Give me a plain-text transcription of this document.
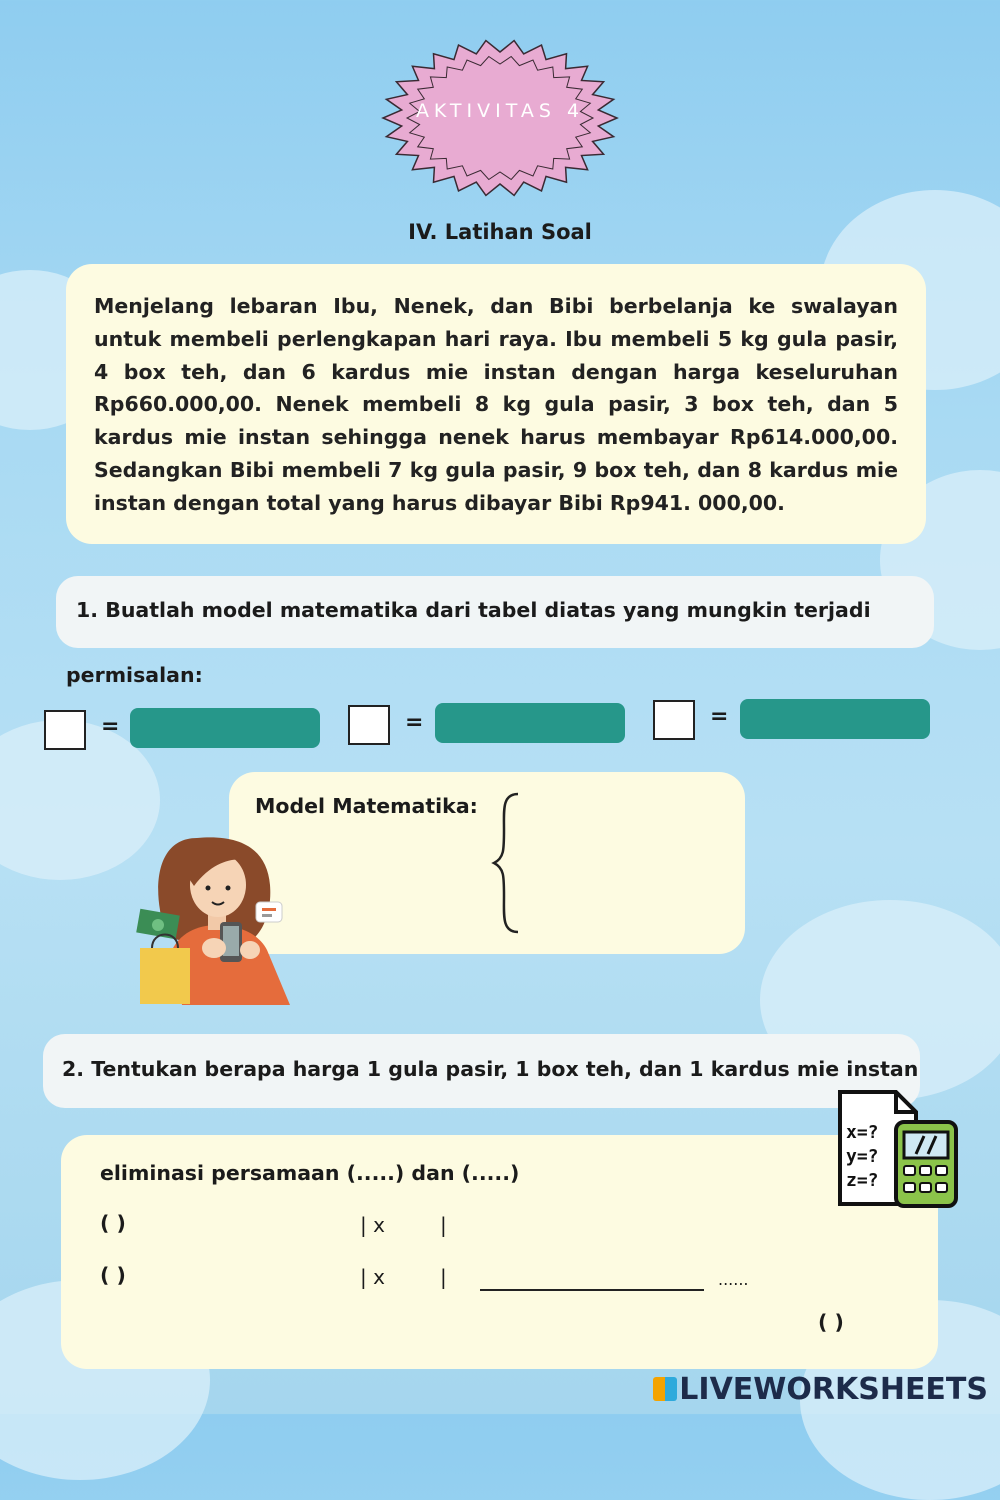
AKTIVITAS 4
IV. Latihan Soal

Menjelang lebaran Ibu, Nenek, dan Bibi berbelanja ke swalayan untuk membeli perlengkapan hari raya. Ibu membeli 5 kg gula pasir, 4 box teh, dan 6 kardus mie instan dengan harga keseluruhan Rp660.000,00. Nenek membeli 8 kg gula pasir, 3 box teh, dan 5 kardus mie instan sehingga nenek harus membayar Rp614.000,00. Sedangkan Bibi membeli 7 kg gula pasir, 9 box teh, dan 8 kardus mie instan dengan total yang harus dibayar Bibi Rp941. 000,00.

1. Buatlah model matematika dari tabel diatas yang mungkin terjadi
permisalan:
=	=	=
Model Matematika:
2. Tentukan berapa harga 1 gula pasir, 1 box teh, dan 1 kardus mie instan
eliminasi persamaan (.....) dan (.....)
( )	| x	|
( )	| x	|	......
( )
x=?
y=?
z=?
LIVEWORKSHEETS
